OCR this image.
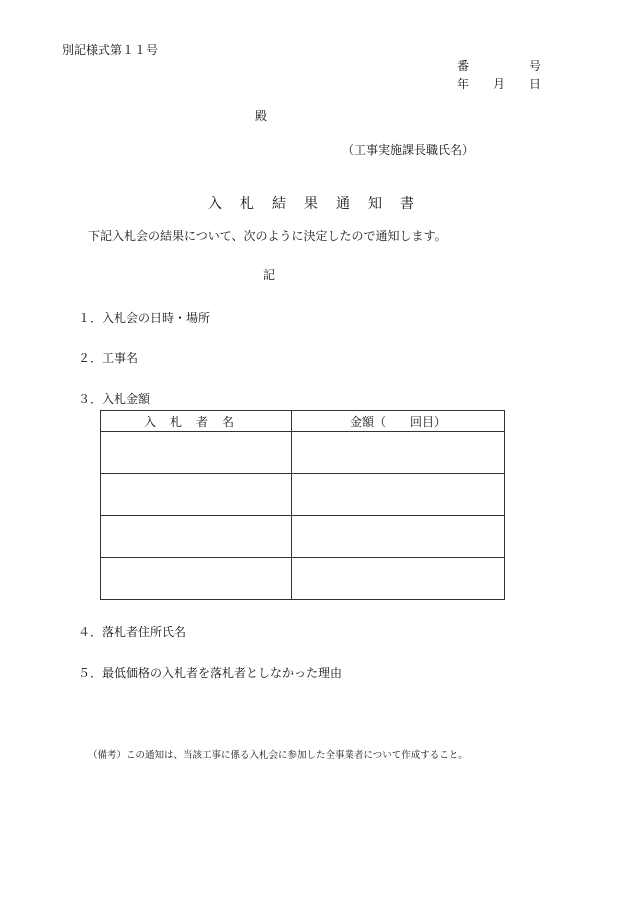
別記様式第１１号
番　　　　　号
年　　月　　日
殿
（工事実施課長職氏名）
入札結果通知書
下記入札会の結果について、次のように決定したので通知します。
記
１．入札会の日時・場所
２．工事名
３．入札金額
入札者名	金額（　　回目）

４．落札者住所氏名
５．最低価格の入札者を落札者としなかった理由
（備考）この通知は、当該工事に係る入札会に参加した全事業者について作成すること。
